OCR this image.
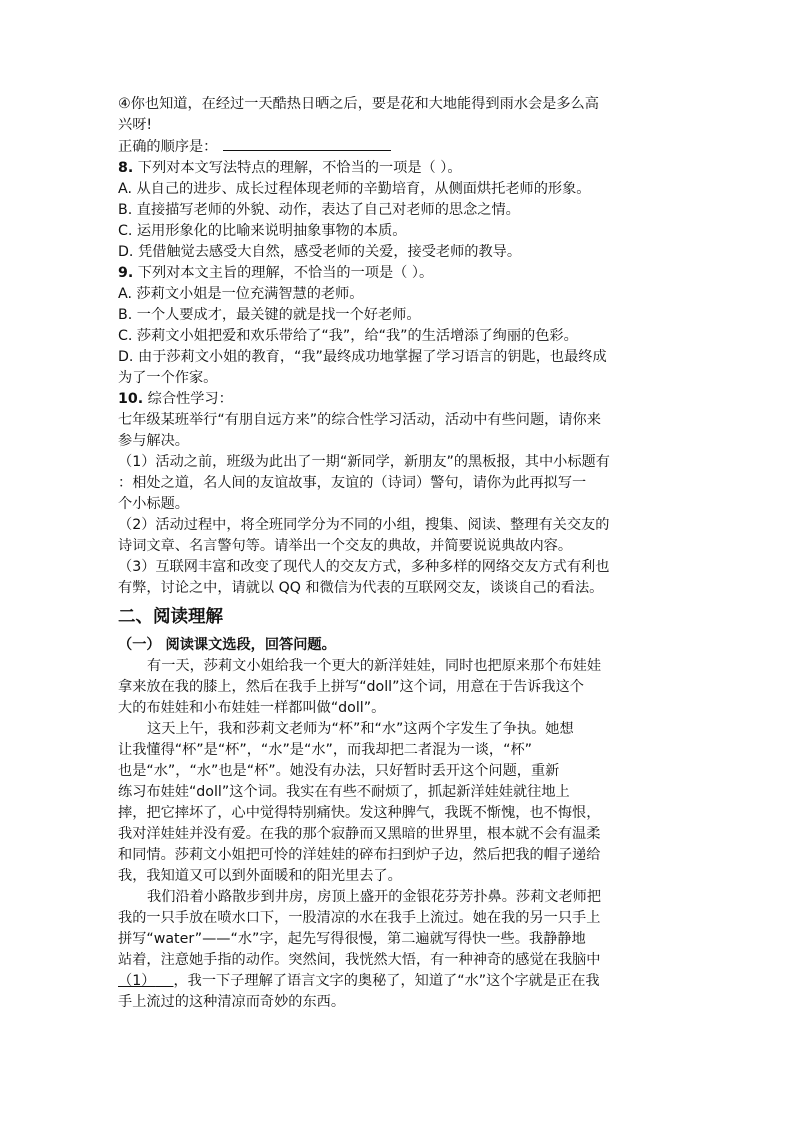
④你也知道，在经过一天酷热日晒之后，要是花和大地能得到雨水会是多么高

兴呀!

正确的顺序是：

8. 下列对本文写法特点的理解，不恰当的一项是（ ）。

A. 从自己的进步、成长过程体现老师的辛勤培育，从侧面烘托老师的形象。

B. 直接描写老师的外貌、动作，表达了自己对老师的思念之情。

C. 运用形象化的比喻来说明抽象事物的本质。

D. 凭借触觉去感受大自然，感受老师的关爱，接受老师的教导。

9. 下列对本文主旨的理解，不恰当的一项是（ ）。

A. 莎莉文小姐是一位充满智慧的老师。

B. 一个人要成才，最关键的就是找一个好老师。

C. 莎莉文小姐把爱和欢乐带给了“我”，给“我”的生活增添了绚丽的色彩。

D. 由于莎莉文小姐的教育，“我”最终成功地掌握了学习语言的钥匙，也最终成

为了一个作家。

10. 综合性学习：

七年级某班举行“有朋自远方来”的综合性学习活动，活动中有些问题，请你来

参与解决。

（1）活动之前，班级为此出了一期“新同学，新朋友”的黑板报，其中小标题有

：相处之道，名人间的友谊故事，友谊的（诗词）警句，请你为此再拟写一

个小标题。

（2）活动过程中，将全班同学分为不同的小组，搜集、阅读、整理有关交友的

诗词文章、名言警句等。请举出一个交友的典故，并简要说说典故内容。

（3）互联网丰富和改变了现代人的交友方式，多种多样的网络交友方式有利也

有弊，讨论之中，请就以 QQ 和微信为代表的互联网交友，谈谈自己的看法。

二、阅读理解

（一） 阅读课文选段，回答问题。

有一天，莎莉文小姐给我一个更大的新洋娃娃，同时也把原来那个布娃娃

拿来放在我的膝上，然后在我手上拼写“doll”这个词，用意在于告诉我这个

大的布娃娃和小布娃娃一样都叫做“doll”。

这天上午，我和莎莉文老师为“杯”和“水”这两个字发生了争执。她想

让我懂得“杯”是“杯”，“水”是“水”，而我却把二者混为一谈，“杯”

也是“水”，“水”也是“杯”。她没有办法，只好暂时丢开这个问题，重新

练习布娃娃“doll”这个词。我实在有些不耐烦了，抓起新洋娃娃就往地上

摔，把它摔坏了，心中觉得特别痛快。发这种脾气，我既不惭愧，也不悔恨，

我对洋娃娃并没有爱。在我的那个寂静而又黑暗的世界里，根本就不会有温柔

和同情。莎莉文小姐把可怜的洋娃娃的碎布扫到炉子边，然后把我的帽子递给

我，我知道又可以到外面暖和的阳光里去了。

我们沿着小路散步到井房，房顶上盛开的金银花芬芳扑鼻。莎莉文老师把

我的一只手放在喷水口下，一股清凉的水在我手上流过。她在我的另一只手上

拼写“water”——“水”字，起先写得很慢，第二遍就写得快一些。我静静地

站着，注意她手指的动作。突然间，我恍然大悟，有一种神奇的感觉在我脑中

（1） ，我一下子理解了语言文字的奥秘了，知道了“水”这个字就是正在我

手上流过的这种清凉而奇妙的东西。
